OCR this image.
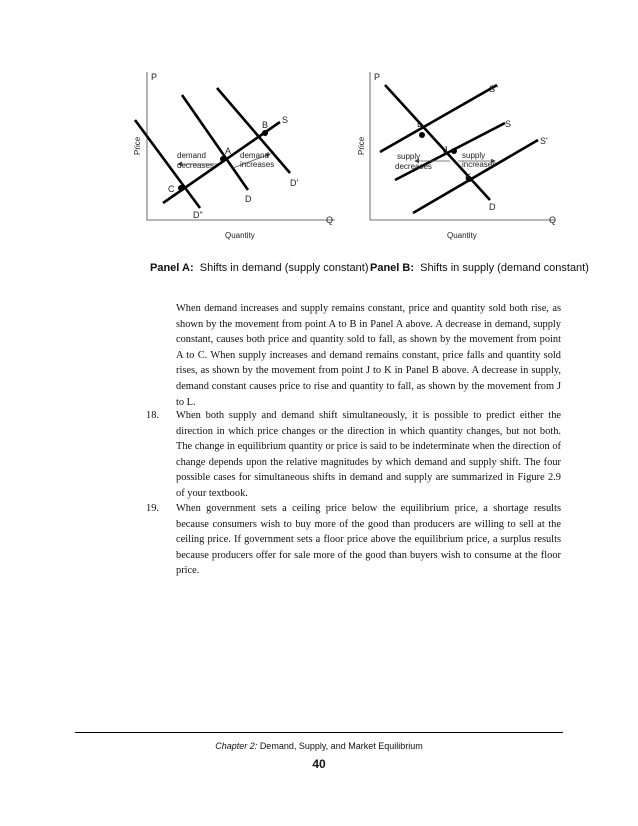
P
Q
Price
Quantity
S
D
D'
D"
A
B
C
demand
decreases
demand
increases
P
Q
Price
Quantity
S"
S
S'
D
L
J
K
supply
decreases
supply
increases
Panel A: Shifts in demand (supply constant) Panel B: Shifts in supply (demand constant)

When demand increases and supply remains constant, price and quantity sold both rise, as shown by the movement from point A to B in Panel A above. A decrease in demand, supply constant, causes both price and quantity sold to fall, as shown by the movement from point A to C. When supply increases and demand remains constant, price falls and quantity sold rises, as shown by the movement from point J to K in Panel B above. A decrease in supply, demand constant causes price to rise and quantity to fall, as shown by the movement from J to L.

18. When both supply and demand shift simultaneously, it is possible to predict either the direction in which price changes or the direction in which quantity changes, but not both. The change in equilibrium quantity or price is said to be indeterminate when the direction of change depends upon the relative magnitudes by which demand and supply shift. The four possible cases for simultaneous shifts in demand and supply are summarized in Figure 2.9 of your textbook.

19. When government sets a ceiling price below the equilibrium price, a shortage results because consumers wish to buy more of the good than producers are willing to sell at the ceiling price. If government sets a floor price above the equilibrium price, a surplus results because producers offer for sale more of the good than buyers wish to consume at the floor price.

Chapter 2: Demand, Supply, and Market Equilibrium
40
